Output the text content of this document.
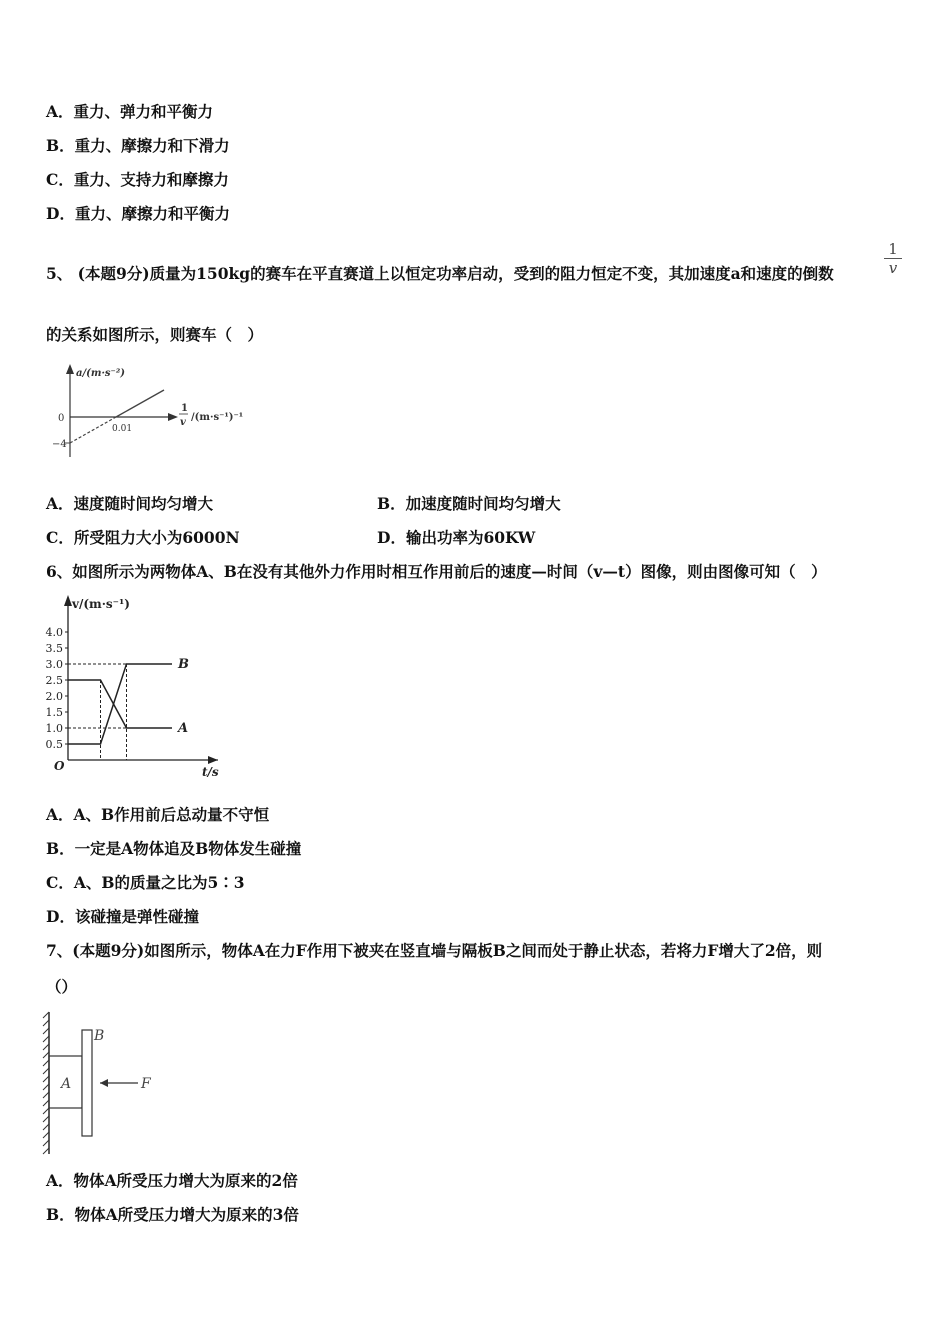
A．重力、弹力和平衡力
B．重力、摩擦力和下滑力
C．重力、支持力和摩擦力
D．重力、摩擦力和平衡力
5、 (本题9分)质量为150kg的赛车在平直赛道上以恒定功率启动，受到的阻力恒定不变，其加速度a和速度的倒数	$\frac{1}{v}$
的关系如图所示，则赛车（　）
a/(m·s⁻²)
0
−4
0.01
1
v /(m·s⁻¹)⁻¹
A．速度随时间均匀增大	B．加速度随时间均匀增大
C．所受阻力大小为6000N	D．输出功率为60KW
6、如图所示为两物体A、B在没有其他外力作用时相互作用前后的速度—时间（v—t）图像，则由图像可知（　）
4.0
3.5
3.0
2.5
2.0
1.5
1.0
0.5
v/(m·s⁻¹)
t/s
O
A
B
A．A、B作用前后总动量不守恒
B．一定是A物体追及B物体发生碰撞
C．A、B的质量之比为5∶3
D．该碰撞是弹性碰撞
7、(本题9分)如图所示，物体A在力F作用下被夹在竖直墙与隔板B之间而处于静止状态，若将力F增大了2倍，则
（）
A
B
F
A．物体A所受压力增大为原来的2倍
B．物体A所受压力增大为原来的3倍
